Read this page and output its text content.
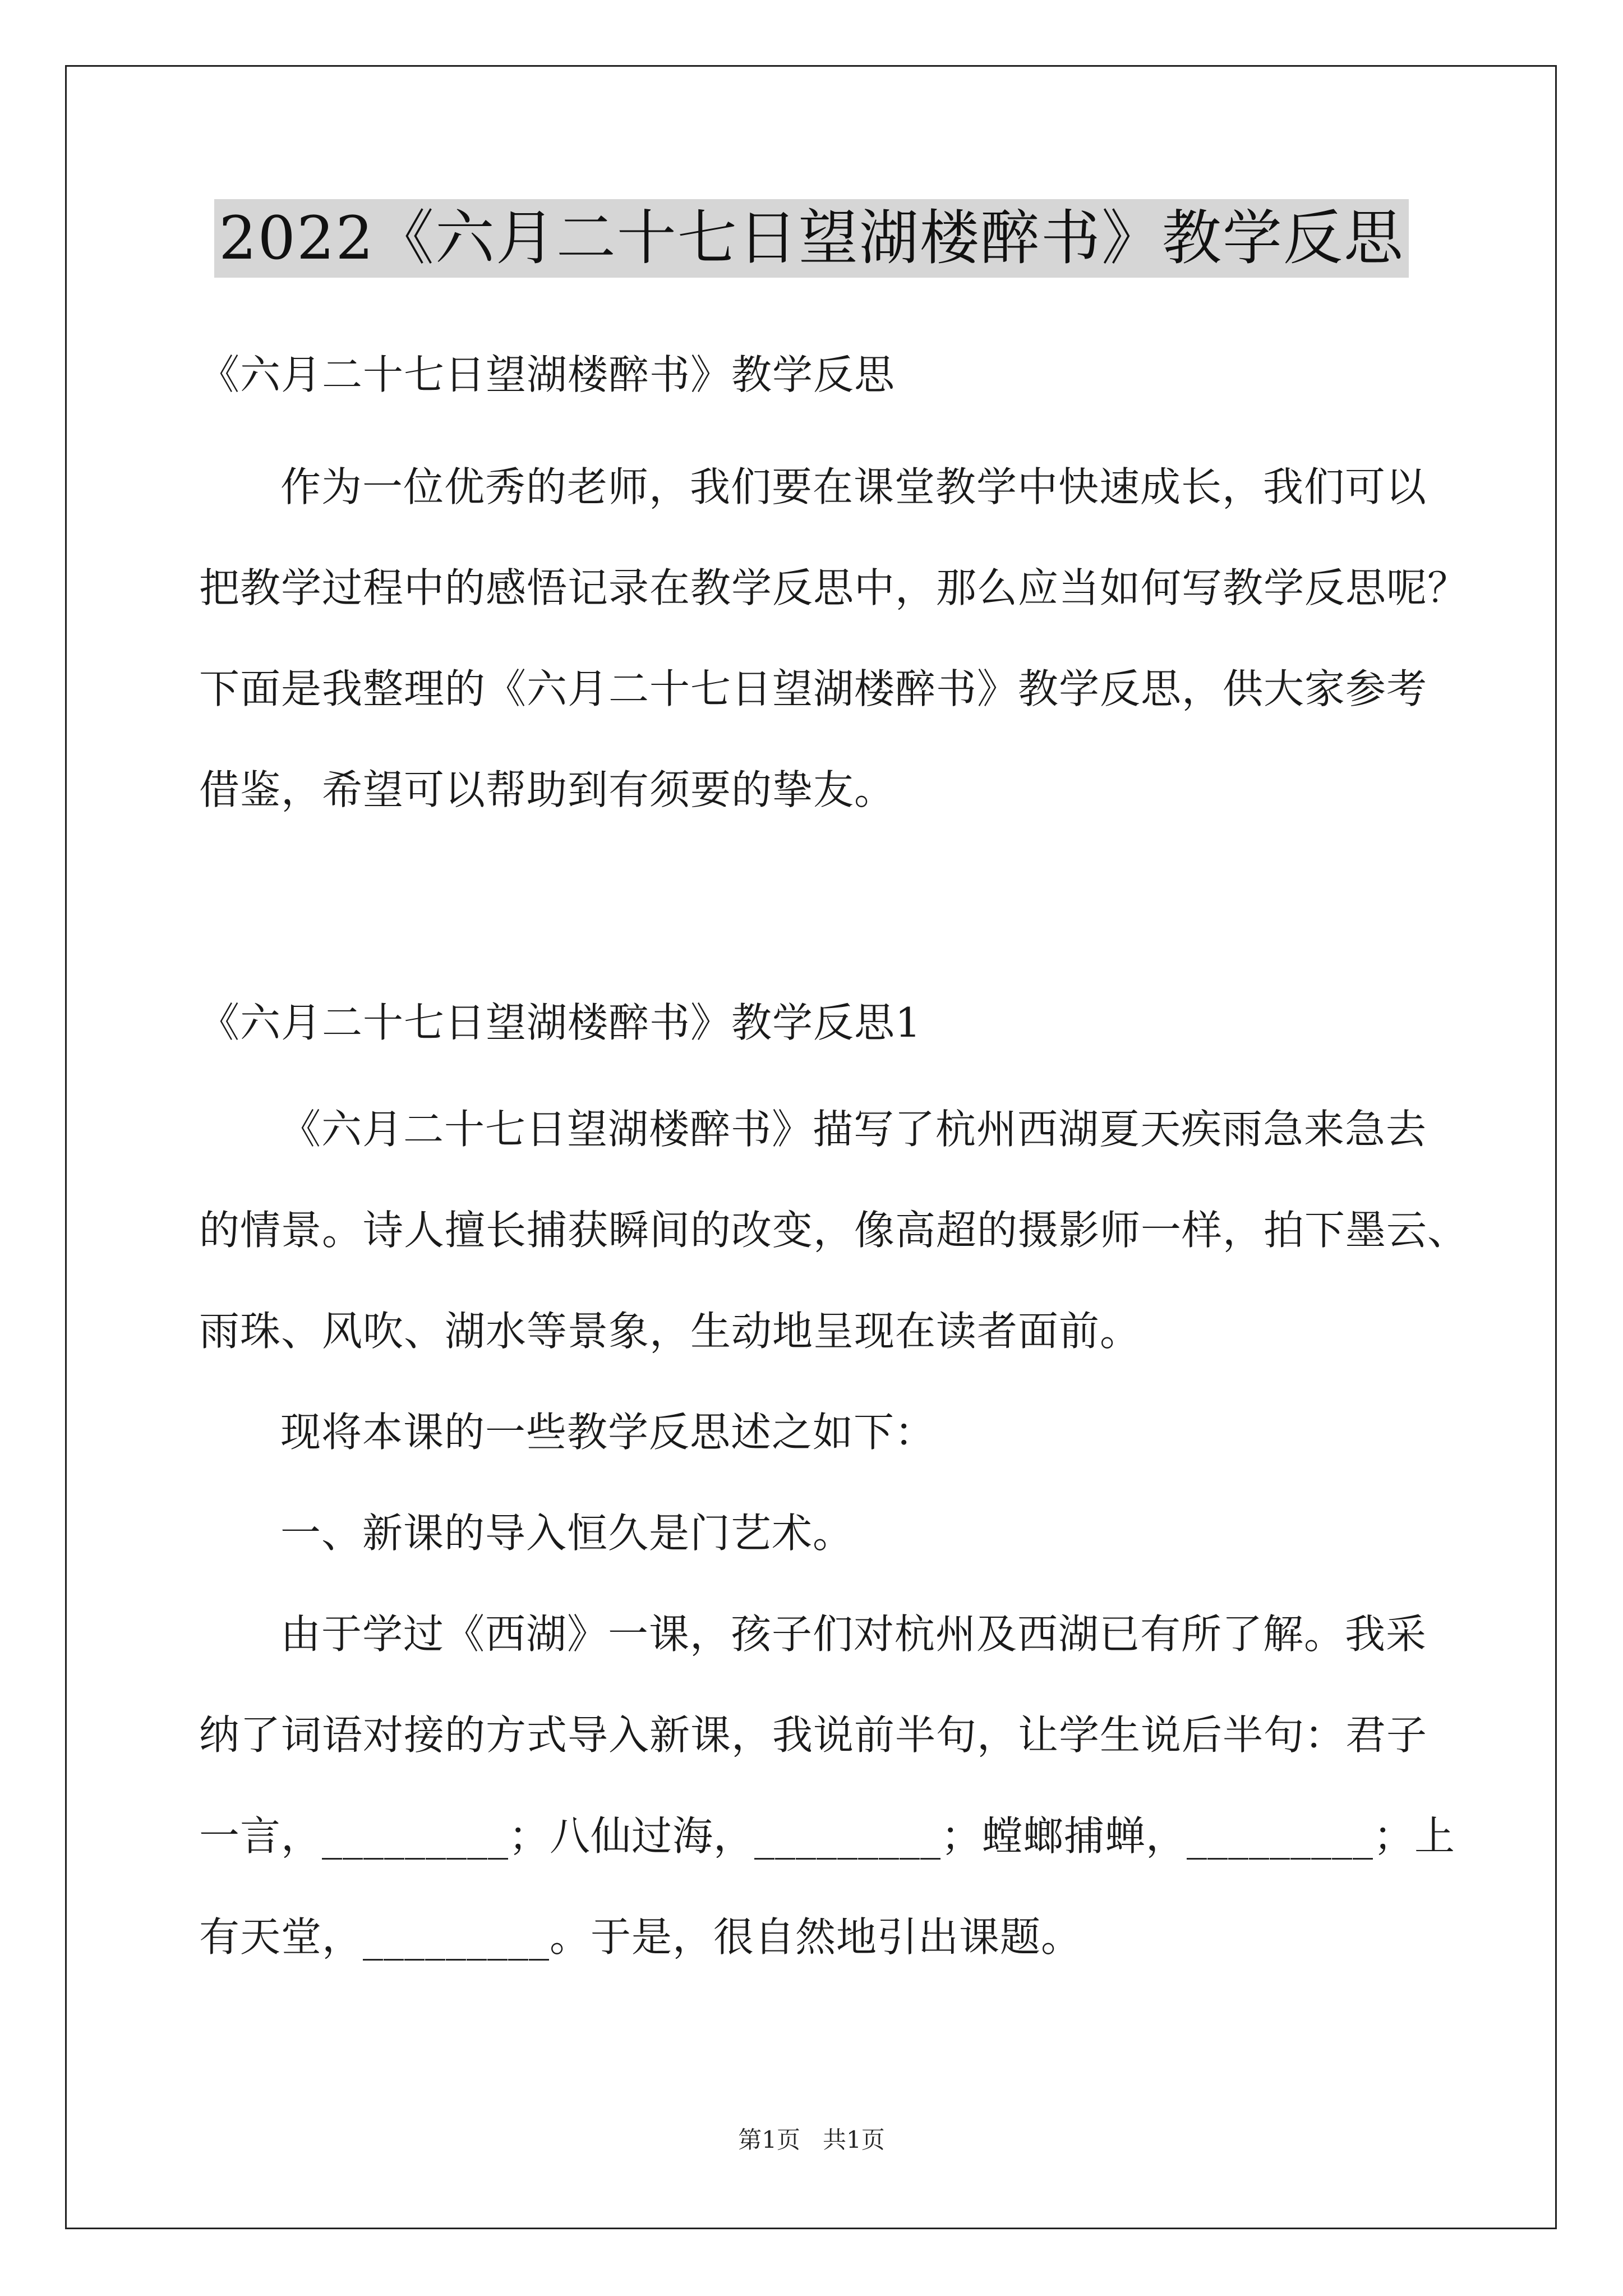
2022《六月二十七日望湖楼醉书》教学反思
《六月二十七日望湖楼醉书》教学反思
作为一位优秀的老师，我们要在课堂教学中快速成长，我们可以
把教学过程中的感悟记录在教学反思中，那么应当如何写教学反思呢？
下面是我整理的《六月二十七日望湖楼醉书》教学反思，供大家参考
借鉴，希望可以帮助到有须要的挚友。
《六月二十七日望湖楼醉书》教学反思1
《六月二十七日望湖楼醉书》描写了杭州西湖夏天疾雨急来急去
的情景。诗人擅长捕获瞬间的改变，像高超的摄影师一样，拍下墨云、
雨珠、风吹、湖水等景象，生动地呈现在读者面前。
现将本课的一些教学反思述之如下：
一、新课的导入恒久是门艺术。
由于学过《西湖》一课，孩子们对杭州及西湖已有所了解。我采
纳了词语对接的方式导入新课，我说前半句，让学生说后半句：君子
一言，_________；八仙过海，_________；螳螂捕蝉，_________；上
有天堂，_________。于是，很自然地引出课题。
第1页   共1页
